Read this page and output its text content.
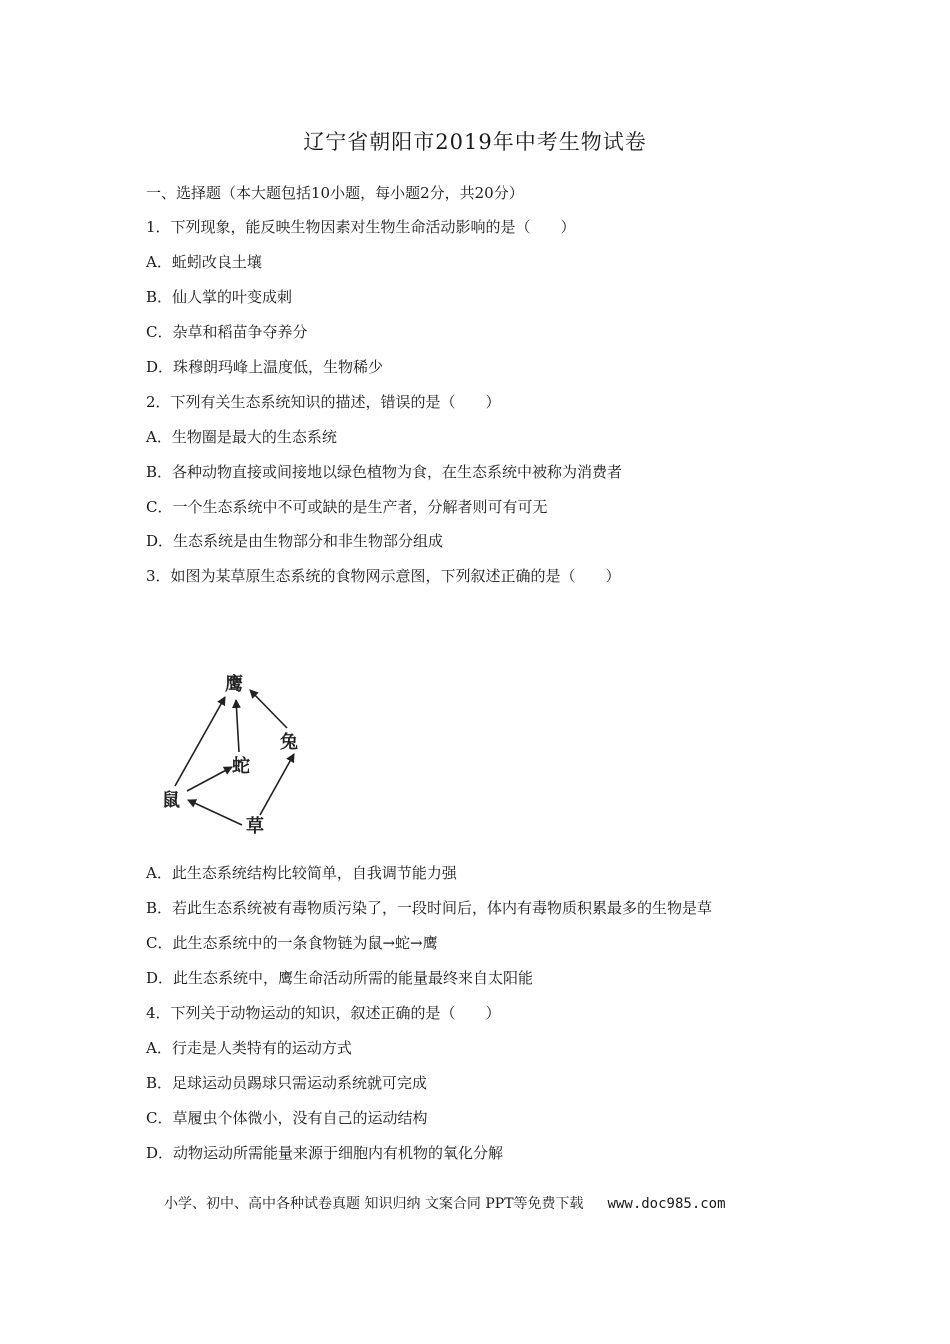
辽宁省朝阳市2019年中考生物试卷
一、选择题（本大题包括10小题，每小题2分，共20分）
1．下列现象，能反映生物因素对生物生命活动影响的是（　　）
A．蚯蚓改良土壤
B．仙人掌的叶变成刺
C．杂草和稻苗争夺养分
D．珠穆朗玛峰上温度低，生物稀少
2．下列有关生态系统知识的描述，错误的是（　　）
A．生物圈是最大的生态系统
B．各种动物直接或间接地以绿色植物为食，在生态系统中被称为消费者
C．一个生态系统中不可或缺的是生产者，分解者则可有可无
D．生态系统是由生物部分和非生物部分组成
3．如图为某草原生态系统的食物网示意图，下列叙述正确的是（　　）
鹰
兔
蛇
鼠
草
A．此生态系统结构比较简单，自我调节能力强
B．若此生态系统被有毒物质污染了，一段时间后，体内有毒物质积累最多的生物是草
C．此生态系统中的一条食物链为鼠→蛇→鹰
D．此生态系统中，鹰生命活动所需的能量最终来自太阳能
4．下列关于动物运动的知识，叙述正确的是（　　）
A．行走是人类特有的运动方式
B．足球运动员踢球只需运动系统就可完成
C．草履虫个体微小，没有自己的运动结构
D．动物运动所需能量来源于细胞内有机物的氧化分解
小学、初中、高中各种试卷真题 知识归纳 文案合同 PPT等免费下载 www.doc985.com
